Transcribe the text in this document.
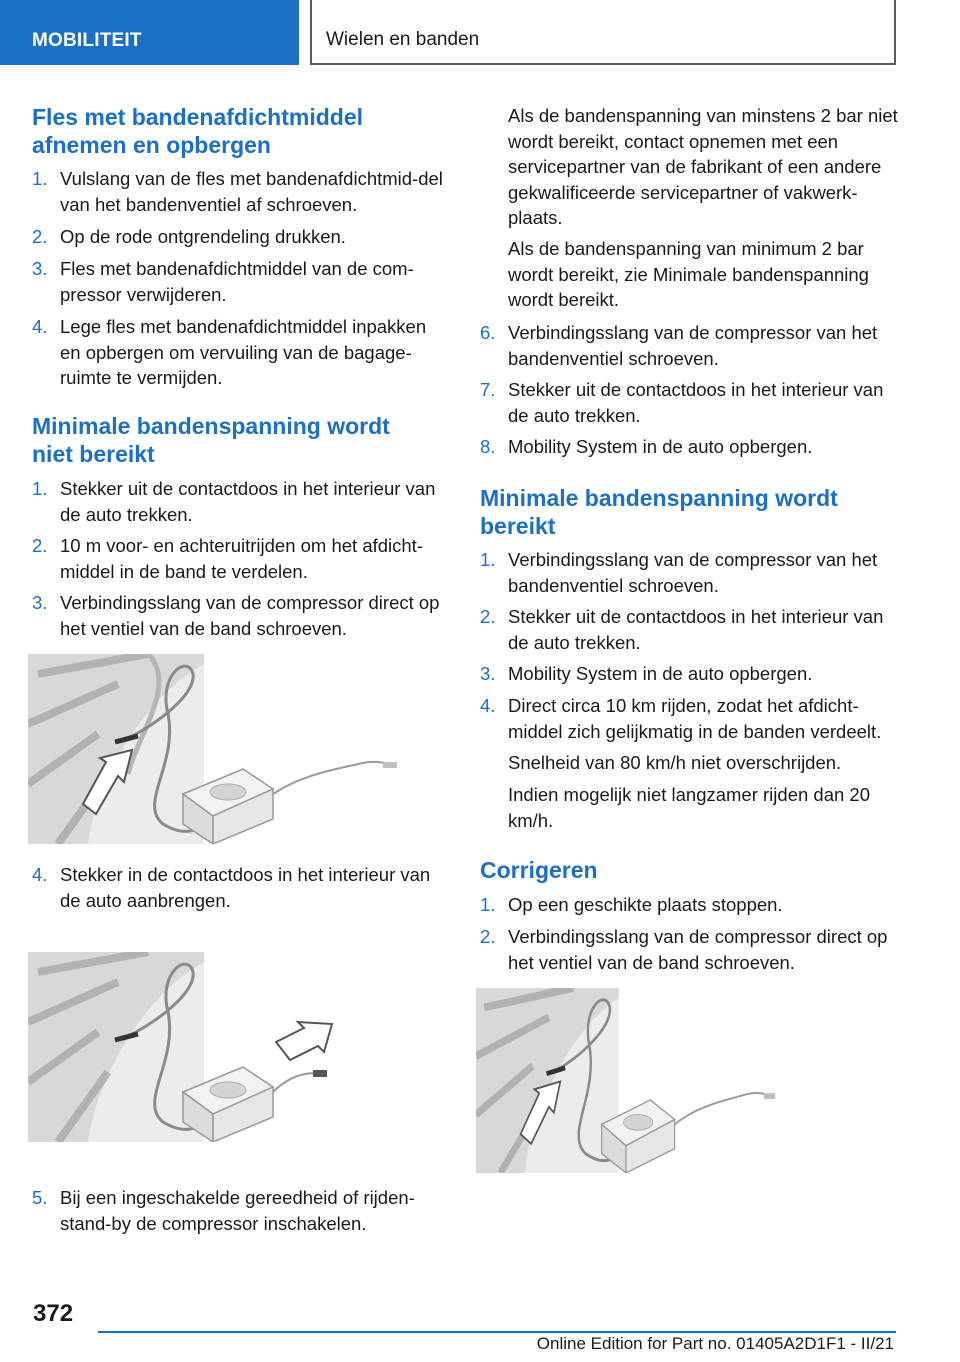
MOBILITEIT	Wielen en banden
Fles met bandenafdichtmiddel afnemen en opbergen
1. Vulslang van de fles met bandenafdichtmid-del van het bandenventiel af schroeven.
2. Op de rode ontgrendeling drukken.
3. Fles met bandenafdichtmiddel van de com-pressor verwijderen.
4. Lege fles met bandenafdichtmiddel inpakken en opbergen om vervuiling van de bagage-ruimte te vermijden.
Minimale bandenspanning wordt niet bereikt
1. Stekker uit de contactdoos in het interieur van de auto trekken.
2. 10 m voor- en achteruitrijden om het afdicht-middel in de band te verdelen.
3. Verbindingsslang van de compressor direct op het ventiel van de band schroeven.
4. Stekker in de contactdoos in het interieur van de auto aanbrengen.
5. Bij een ingeschakelde gereedheid of rijden-stand-by de compressor inschakelen.
Als de bandenspanning van minstens 2 bar niet wordt bereikt, contact opnemen met een servicepartner van de fabrikant of een andere gekwalificeerde servicepartner of vakwerk-plaats.
Als de bandenspanning van minimum 2 bar wordt bereikt, zie Minimale bandenspanning wordt bereikt.
6. Verbindingsslang van de compressor van het bandenventiel schroeven.
7. Stekker uit de contactdoos in het interieur van de auto trekken.
8. Mobility System in de auto opbergen.
Minimale bandenspanning wordt bereikt
1. Verbindingsslang van de compressor van het bandenventiel schroeven.
2. Stekker uit de contactdoos in het interieur van de auto trekken.
3. Mobility System in de auto opbergen.
4. Direct circa 10 km rijden, zodat het afdicht-middel zich gelijkmatig in de banden verdeelt.
Snelheid van 80 km/h niet overschrijden.
Indien mogelijk niet langzamer rijden dan 20 km/h.
Corrigeren
1. Op een geschikte plaats stoppen.
2. Verbindingsslang van de compressor direct op het ventiel van de band schroeven.
372
Online Edition for Part no. 01405A2D1F1 - II/21
